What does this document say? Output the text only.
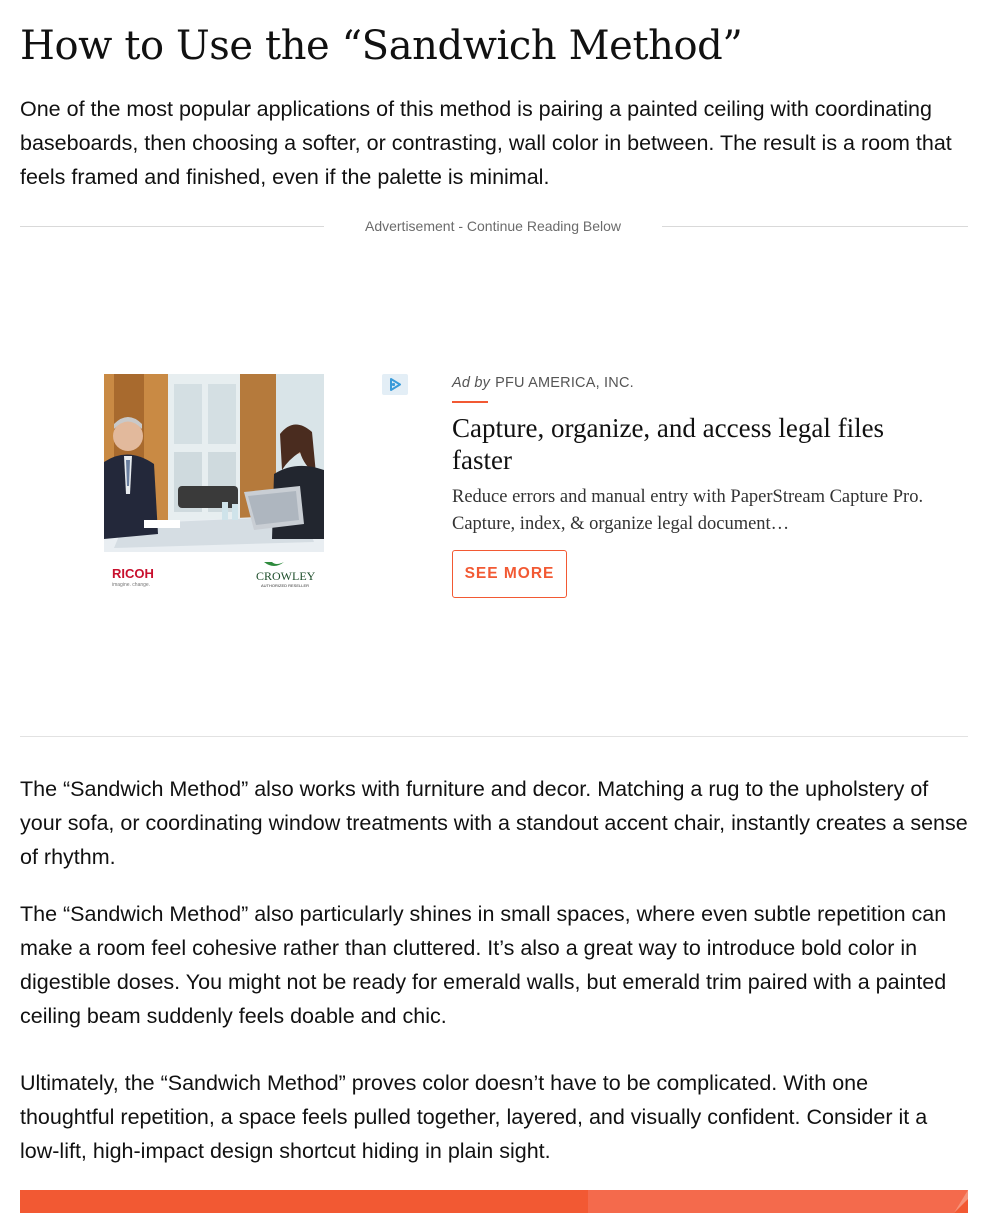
How to Use the “Sandwich Method”

One of the most popular applications of this method is pairing a painted ceiling with coordinating baseboards, then choosing a softer, or contrasting, wall color in between. The result is a room that feels framed and finished, even if the palette is minimal.

Advertisement - Continue Reading Below
RICOH
imagine. change.
CROWLEY
AUTHORIZED RESELLER
Ad by PFU AMERICA, INC.
Capture, organize, and access legal files faster

Reduce errors and manual entry with PaperStream Capture Pro. Capture, index, & organize legal document…

SEE MORE

The “Sandwich Method” also works with furniture and decor. Matching a rug to the upholstery of your sofa, or coordinating window treatments with a standout accent chair, instantly creates a sense of rhythm.

The “Sandwich Method” also particularly shines in small spaces, where even subtle repetition can make a room feel cohesive rather than cluttered. It’s also a great way to introduce bold color in digestible doses. You might not be ready for emerald walls, but emerald trim paired with a painted ceiling beam suddenly feels doable and chic.

Ultimately, the “Sandwich Method” proves color doesn’t have to be complicated. With one thoughtful repetition, a space feels pulled together, layered, and visually confident. Consider it a low-lift, high-impact design shortcut hiding in plain sight.
